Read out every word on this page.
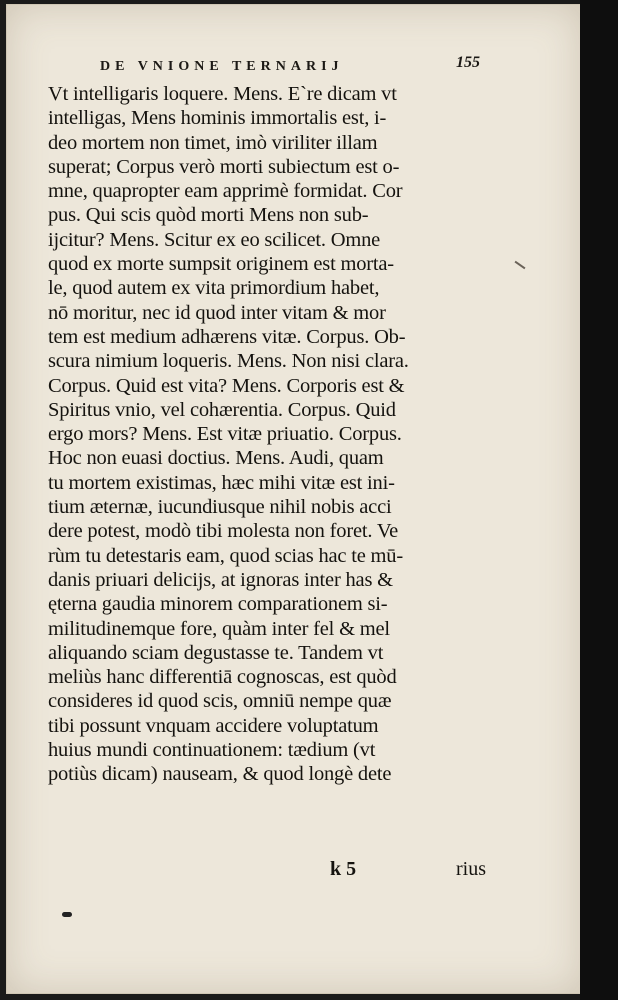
DE VNIONE TERNARIJ	155
Vt intelligaris loquere. Mens. E`re dicam vt
intelligas, Mens hominis immortalis est, i-
deo mortem non timet, imò viriliter illam
superat; Corpus verò morti subiectum est o-
mne, quapropter eam apprimè formidat. Cor
pus. Qui scis quòd morti Mens non sub-
ijcitur? Mens. Scitur ex eo scilicet. Omne
quod ex morte sumpsit originem est morta-
le, quod autem ex vita primordium habet,
nō moritur, nec id quod inter vitam & mor
tem est medium adhærens vitæ. Corpus. Ob-
scura nimium loqueris. Mens. Non nisi clara.
Corpus. Quid est vita? Mens. Corporis est &
Spiritus vnio, vel cohærentia. Corpus. Quid
ergo mors? Mens. Est vitæ priuatio. Corpus.
Hoc non euasi doctius. Mens. Audi, quam
tu mortem existimas, hæc mihi vitæ est ini-
tium æternæ, iucundiusque nihil nobis acci
dere potest, modò tibi molesta non foret. Ve
rùm tu detestaris eam, quod scias hac te mū-
danis priuari delicijs, at ignoras inter has &
ęterna gaudia minorem comparationem si-
militudinemque fore, quàm inter fel & mel
aliquando sciam degustasse te. Tandem vt
meliùs hanc differentiā cognoscas, est quòd
consideres id quod scis, omniū nempe quæ
tibi possunt vnquam accidere voluptatum
huius mundi continuationem: tædium (vt
potiùs dicam) nauseam, & quod longè dete
k 5	rius
